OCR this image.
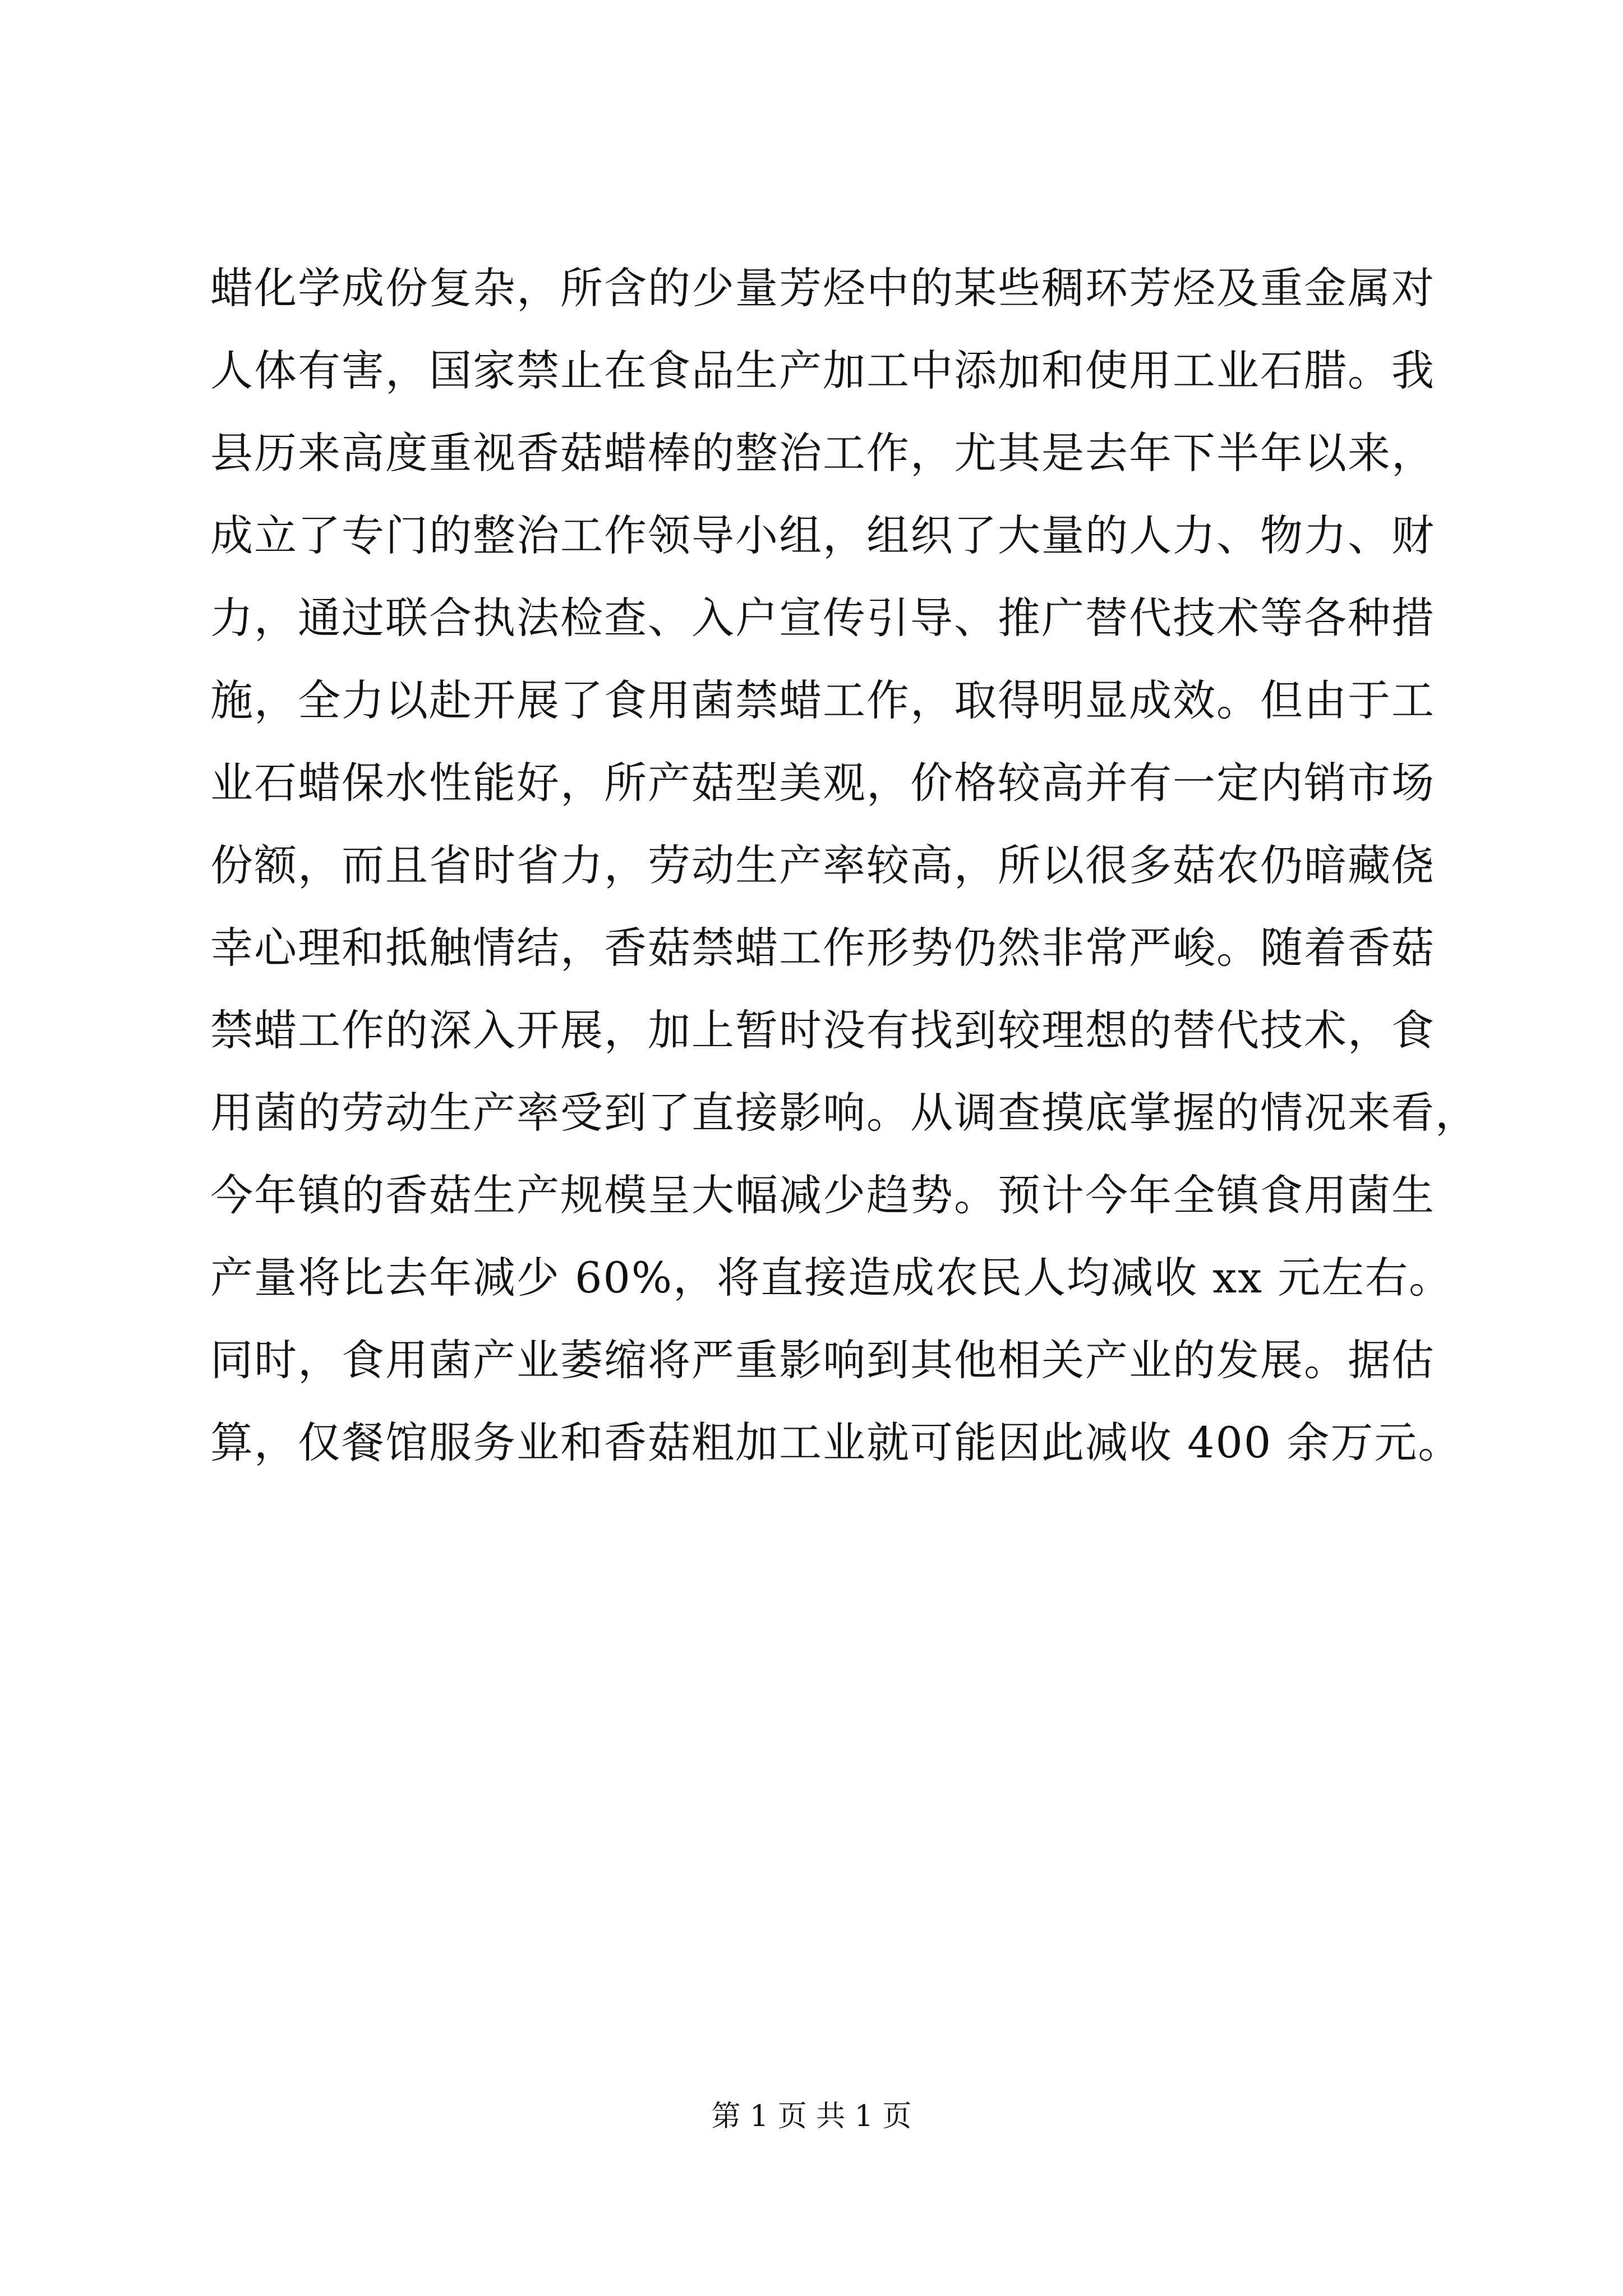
蜡化学成份复杂，所含的少量芳烃中的某些稠环芳烃及重金属对
人体有害，国家禁止在食品生产加工中添加和使用工业石腊。我
县历来高度重视香菇蜡棒的整治工作，尤其是去年下半年以来，
成立了专门的整治工作领导小组，组织了大量的人力、物力、财
力，通过联合执法检查、入户宣传引导、推广替代技术等各种措
施，全力以赴开展了食用菌禁蜡工作，取得明显成效。但由于工
业石蜡保水性能好，所产菇型美观，价格较高并有一定内销市场
份额，而且省时省力，劳动生产率较高，所以很多菇农仍暗藏侥
幸心理和抵触情结，香菇禁蜡工作形势仍然非常严峻。随着香菇
禁蜡工作的深入开展，加上暂时没有找到较理想的替代技术，食
用菌的劳动生产率受到了直接影响。从调查摸底掌握的情况来看，
今年镇的香菇生产规模呈大幅减少趋势。预计今年全镇食用菌生
产量将比去年减少 60%，将直接造成农民人均减收 xx 元左右。
同时，食用菌产业萎缩将严重影响到其他相关产业的发展。据估
算，仅餐馆服务业和香菇粗加工业就可能因此减收 400 余万元。
第 1 页 共 1 页
